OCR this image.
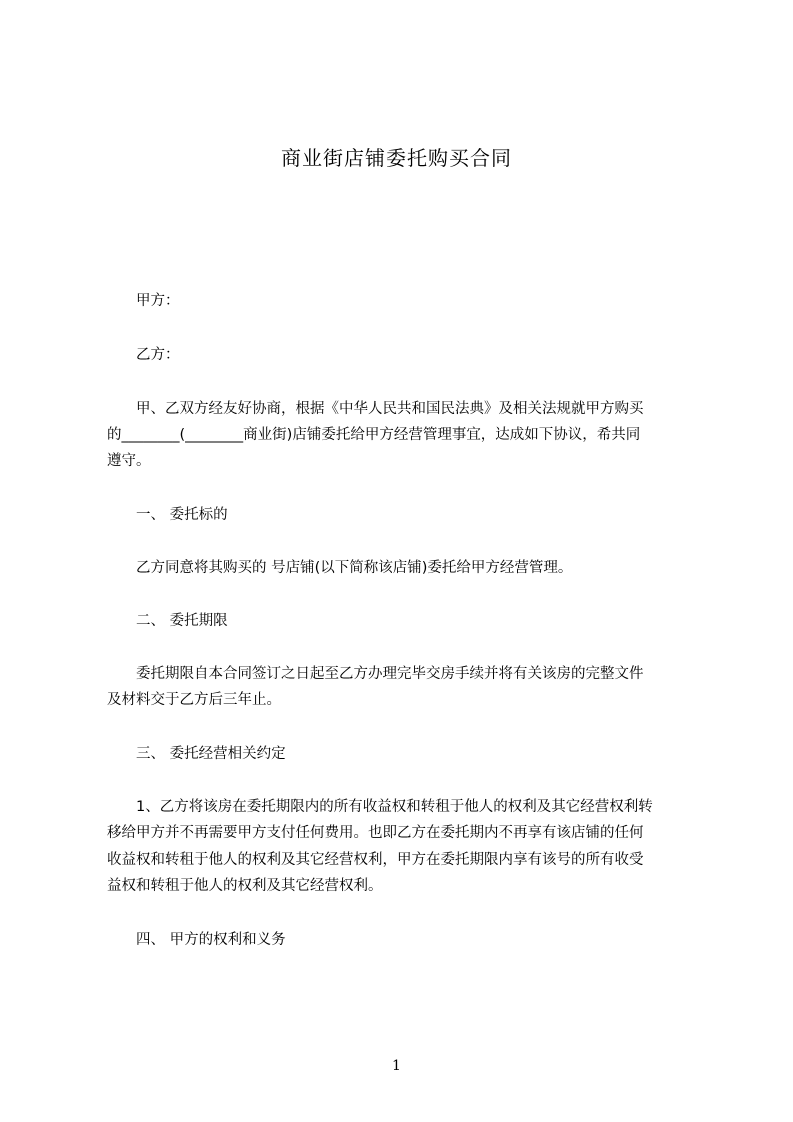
商业街店铺委托购买合同
甲方：
乙方：
甲、乙双方经友好协商，根据《中华人民共和国民法典》及相关法规就甲方购买
的________(________商业街)店铺委托给甲方经营管理事宜，达成如下协议，希共同
遵守。
一、 委托标的
乙方同意将其购买的 号店铺(以下简称该店铺)委托给甲方经营管理。
二、 委托期限
委托期限自本合同签订之日起至乙方办理完毕交房手续并将有关该房的完整文件
及材料交于乙方后三年止。
三、 委托经营相关约定
1、乙方将该房在委托期限内的所有收益权和转租于他人的权利及其它经营权利转
移给甲方并不再需要甲方支付任何费用。也即乙方在委托期内不再享有该店铺的任何
收益权和转租于他人的权利及其它经营权利，甲方在委托期限内享有该号的所有收受
益权和转租于他人的权利及其它经营权利。
四、 甲方的权利和义务
1
